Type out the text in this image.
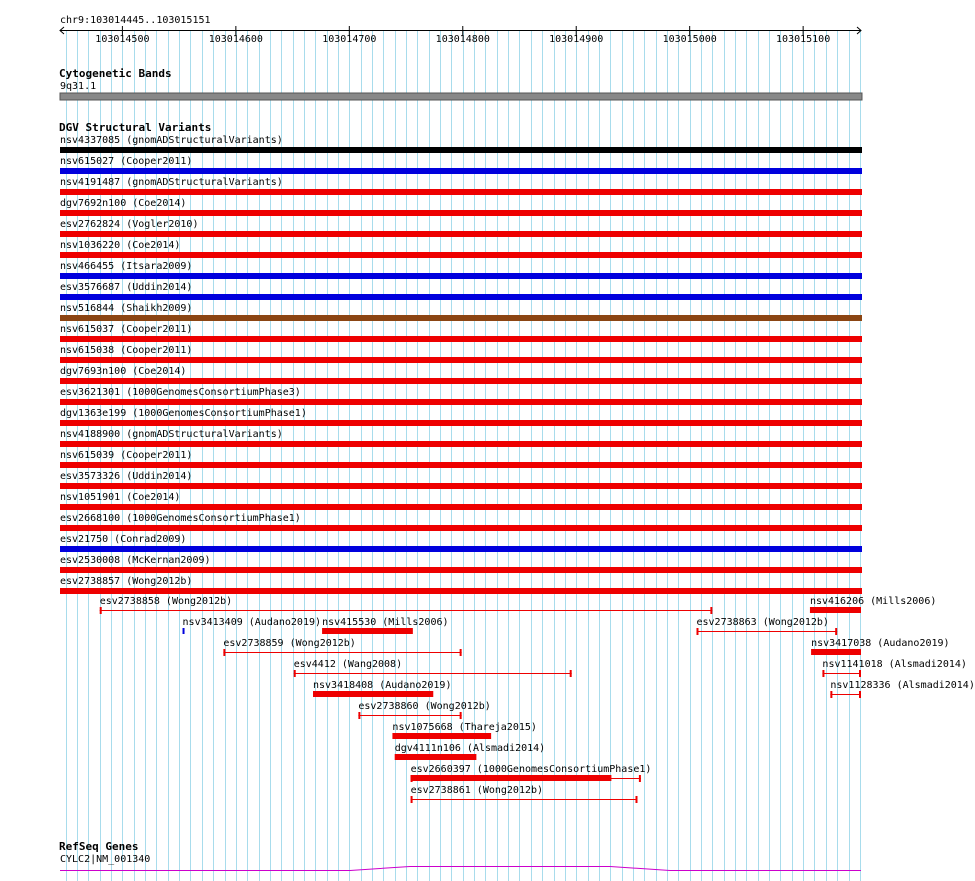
chr9:103014445..103015151
103014500	103014600	103014700	103014800	103014900	103015000	103015100
Cytogenetic Bands
9q31.1
DGV Structural Variants
nsv4337085 (gnomADStructuralVariants)
nsv615027 (Cooper2011)
nsv4191487 (gnomADStructuralVariants)
dgv7692n100 (Coe2014)
esv2762824 (Vogler2010)
nsv1036220 (Coe2014)
nsv466455 (Itsara2009)
esv3576687 (Uddin2014)
nsv516844 (Shaikh2009)
nsv615037 (Cooper2011)
nsv615038 (Cooper2011)
dgv7693n100 (Coe2014)
esv3621301 (1000GenomesConsortiumPhase3)
dgv1363e199 (1000GenomesConsortiumPhase1)
nsv4188900 (gnomADStructuralVariants)
nsv615039 (Cooper2011)
esv3573326 (Uddin2014)
nsv1051901 (Coe2014)
esv2668100 (1000GenomesConsortiumPhase1)
esv21750 (Conrad2009)
esv2530008 (McKernan2009)
esv2738857 (Wong2012b)
esv2738858 (Wong2012b)	nsv416206 (Mills2006)
nsv3413409 (Audano2019) nsv415530 (Mills2006)	esv2738863 (Wong2012b)
esv2738859 (Wong2012b)	nsv3417038 (Audano2019)
esv4412 (Wang2008)	nsv1141018 (Alsmadi2014)
nsv3418408 (Audano2019)	nsv1128336 (Alsmadi2014)
esv2738860 (Wong2012b)
nsv1075668 (Thareja2015)
dgv4111n106 (Alsmadi2014)
esv2660397 (1000GenomesConsortiumPhase1)
esv2738861 (Wong2012b)
RefSeq Genes
CYLC2|NM_001340
